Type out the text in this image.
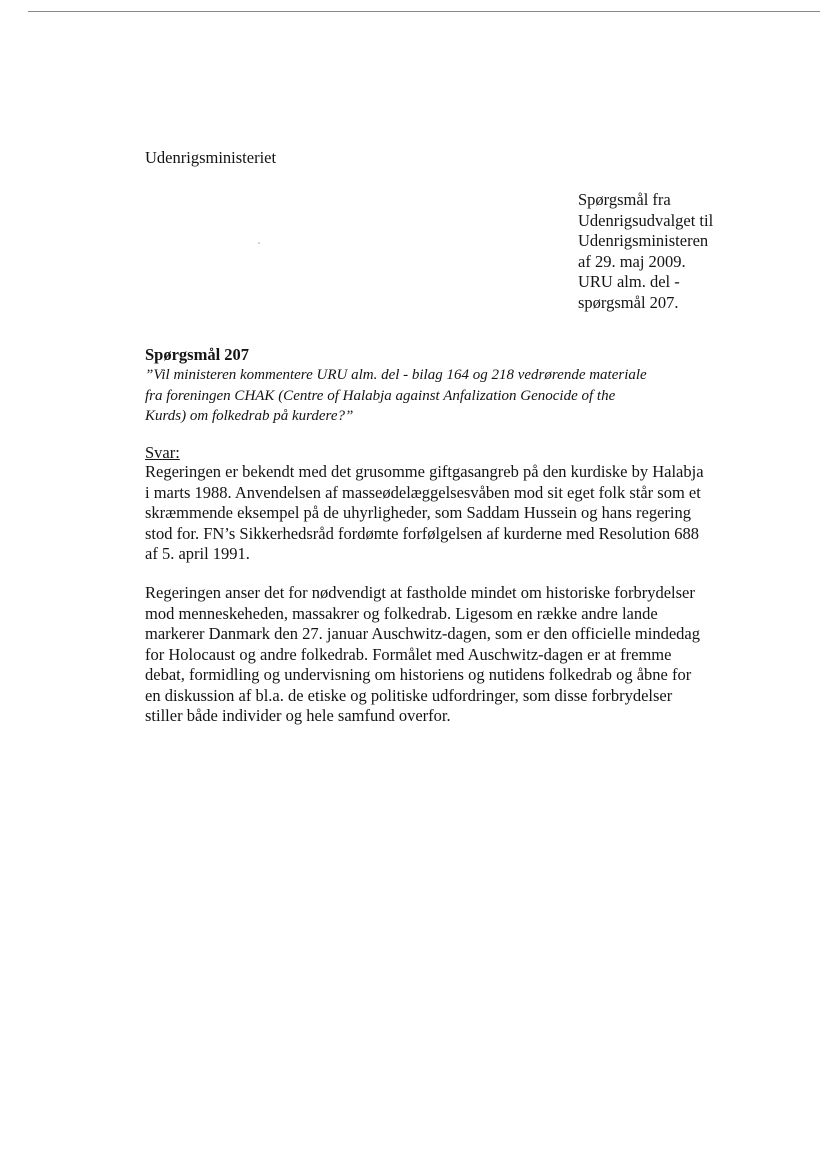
Udenrigsministeriet
Spørgsmål fra
Udenrigsudvalget til
Udenrigsministeren
af 29. maj 2009.
URU alm. del -
spørgsmål 207.
Spørgsmål 207
”Vil ministeren kommentere URU alm. del - bilag 164 og 218 vedrørende materiale
fra foreningen CHAK (Centre of Halabja against Anfalization Genocide of the
Kurds) om folkedrab på kurdere?”
Svar:
Regeringen er bekendt med det grusomme giftgasangreb på den kurdiske by Halabja
i marts 1988. Anvendelsen af masseødelæggelsesvåben mod sit eget folk står som et
skræmmende eksempel på de uhyrligheder, som Saddam Hussein og hans regering
stod for. FN’s Sikkerhedsråd fordømte forfølgelsen af kurderne med Resolution 688
af 5. april 1991.
Regeringen anser det for nødvendigt at fastholde mindet om historiske forbrydelser
mod menneskeheden, massakrer og folkedrab. Ligesom en række andre lande
markerer Danmark den 27. januar Auschwitz-dagen, som er den officielle mindedag
for Holocaust og andre folkedrab. Formålet med Auschwitz-dagen er at fremme
debat, formidling og undervisning om historiens og nutidens folkedrab og åbne for
en diskussion af bl.a. de etiske og politiske udfordringer, som disse forbrydelser
stiller både individer og hele samfund overfor.
